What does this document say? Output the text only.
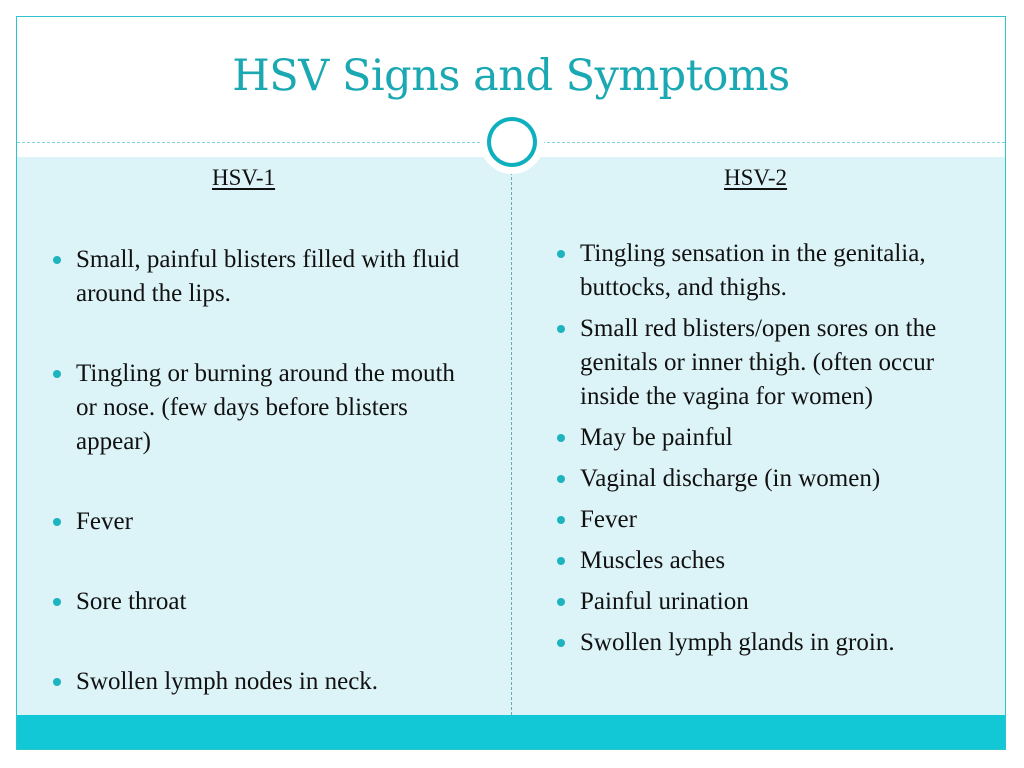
HSV Signs and Symptoms
HSV-1	HSV-2
Small, painful blisters filled with fluid around the lips.
Tingling or burning around the mouth or nose. (few days before blisters appear)
Fever
Sore throat
Swollen lymph nodes in neck.
Tingling sensation in the genitalia, buttocks, and thighs.
Small red blisters/open sores on the genitals or inner thigh. (often occur inside the vagina for women)
May be painful
Vaginal discharge (in women)
Fever
Muscles aches
Painful urination
Swollen lymph glands in groin.
